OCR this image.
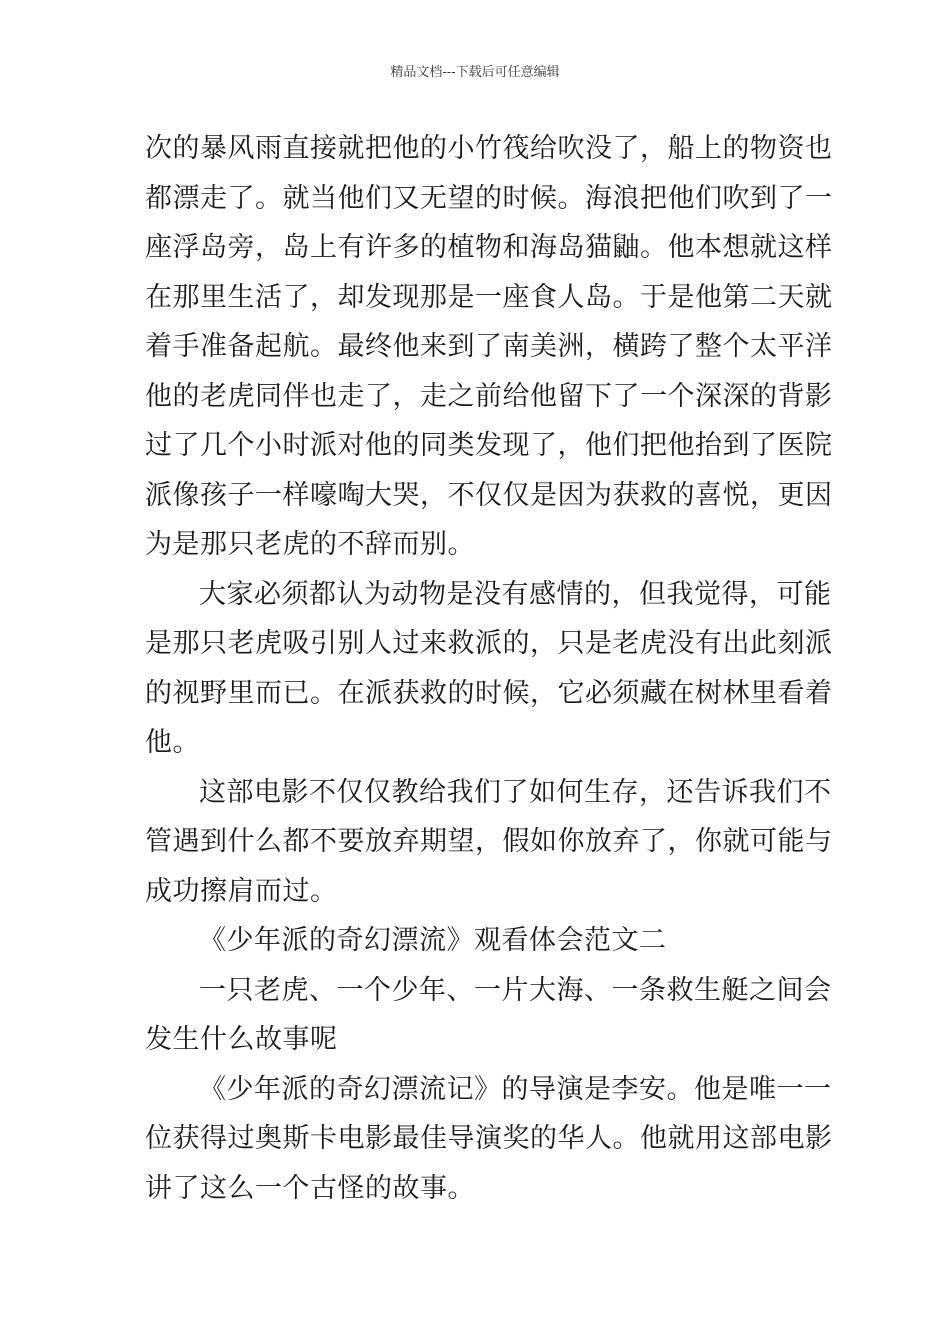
精品文档---下载后可任意编辑
次的暴风雨直接就把他的小竹筏给吹没了，船上的物资也
都漂走了。就当他们又无望的时候。海浪把他们吹到了一
座浮岛旁，岛上有许多的植物和海岛猫鼬。他本想就这样
在那里生活了，却发现那是一座食人岛。于是他第二天就
着手准备起航。最终他来到了南美洲，横跨了整个太平洋
他的老虎同伴也走了，走之前给他留下了一个深深的背影
过了几个小时派对他的同类发现了，他们把他抬到了医院
派像孩子一样嚎啕大哭，不仅仅是因为获救的喜悦，更因
为是那只老虎的不辞而别。
大家必须都认为动物是没有感情的，但我觉得，可能
是那只老虎吸引别人过来救派的，只是老虎没有出此刻派
的视野里而已。在派获救的时候，它必须藏在树林里看着
他。
这部电影不仅仅教给我们了如何生存，还告诉我们不
管遇到什么都不要放弃期望，假如你放弃了，你就可能与
成功擦肩而过。
《少年派的奇幻漂流》观看体会范文二
一只老虎、一个少年、一片大海、一条救生艇之间会
发生什么故事呢
《少年派的奇幻漂流记》的导演是李安。他是唯一一
位获得过奥斯卡电影最佳导演奖的华人。他就用这部电影
讲了这么一个古怪的故事。
